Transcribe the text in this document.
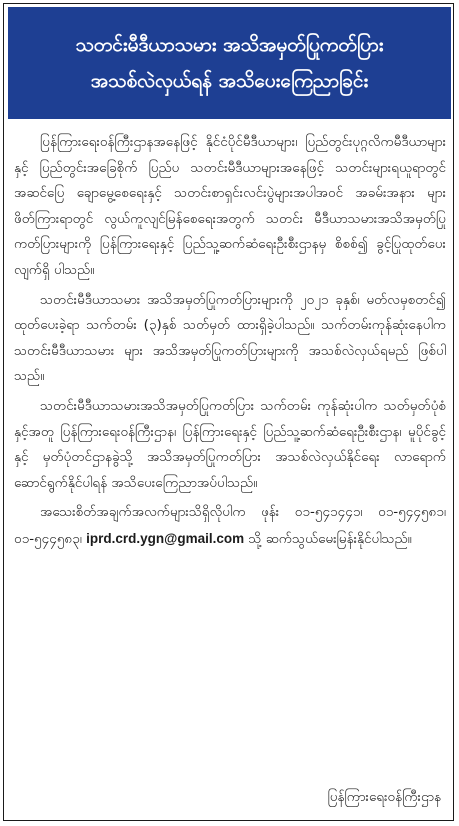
သတင်းမီဒီယာသမား အသိအမှတ်ပြုကတ်ပြား
အသစ်လဲလှယ်ရန် အသိပေးကြေညာခြင်း

ပြန်ကြားရေးဝန်ကြီးဌာနအနေဖြင့် နိုင်ငံပိုင်မီဒီယာများ၊ ပြည်တွင်းပုဂ္ဂလိကမီဒီယာများနှင့် ပြည်တွင်းအခြေစိုက် ပြည်ပ သတင်းမီဒီယာများအနေဖြင့် သတင်းများရယူရာတွင် အဆင်ပြေ ချောမွေ့စေရေးနှင့် သတင်းစာရှင်းလင်းပွဲများအပါအဝင် အခမ်းအနား များဖိတ်ကြားရာတွင် လွယ်ကူလျင်မြန်စေရေးအတွက် သတင်း မီဒီယာသမားအသိအမှတ်ပြုကတ်ပြားများကို ပြန်ကြားရေးနှင့် ပြည်သူ့ဆက်ဆံရေးဦးစီးဌာနမှ စိစစ်၍ ခွင့်ပြုထုတ်ပေးလျက်ရှိ ပါသည်။

သတင်းမီဒီယာသမား အသိအမှတ်ပြုကတ်ပြားများကို ၂၀၂၁ ခုနှစ်၊ မတ်လမှစတင်၍ ထုတ်ပေးခဲ့ရာ သက်တမ်း (၃)နှစ် သတ်မှတ် ထားရှိခဲ့ပါသည်။ သက်တမ်းကုန်ဆုံးနေပါက သတင်းမီဒီယာသမား များ အသိအမှတ်ပြုကတ်ပြားများကို အသစ်လဲလှယ်ရမည် ဖြစ်ပါ သည်။

သတင်းမီဒီယာသမားအသိအမှတ်ပြုကတ်ပြား သက်တမ်း ကုန်ဆုံးပါက သတ်မှတ်ပုံစံနှင့်အတူ ပြန်ကြားရေးဝန်ကြီးဌာန၊ ပြန်ကြားရေးနှင့် ပြည်သူ့ဆက်ဆံရေးဦးစီးဌာန၊ မူပိုင်ခွင့်နှင့် မှတ်ပုံတင်ဌာနခွဲသို့ အသိအမှတ်ပြုကတ်ပြား အသစ်လဲလှယ်နိုင်ရေး လာရောက်ဆောင်ရွက်နိုင်ပါရန် အသိပေးကြေညာအပ်ပါသည်။

အသေးစိတ်အချက်အလက်များသိရှိလိုပါက ဖုန်း ၀၁-၅၄၁၄၄၁၊ ၀၁-၅၄၄၅၈၁၊ ၀၁-၅၄၄၅၈၃၊ iprd.crd.ygn@gmail.com သို့ ဆက်သွယ်မေးမြန်းနိုင်ပါသည်။

ပြန်ကြားရေးဝန်ကြီးဌာန
